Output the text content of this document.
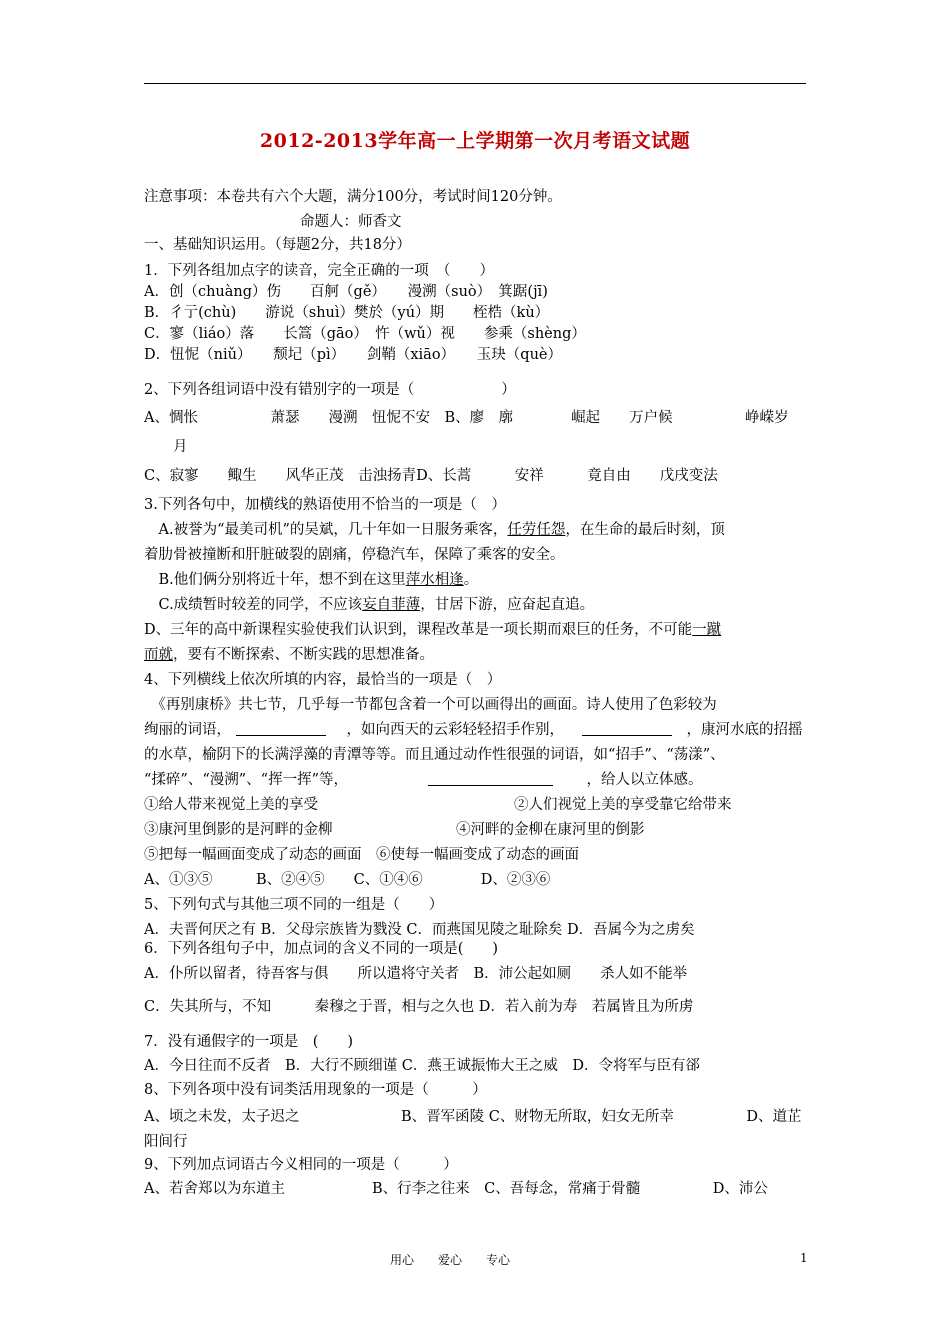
2012-2013学年高一上学期第一次月考语文试题
注意事项：本卷共有六个大题，满分100分，考试时间120分钟。
命题人：师香文
一、基础知识运用。（每题2分，共18分）
1．下列各组加点字的读音，完全正确的一项　（　　）
A．创（chuàng）伤　　百舸（gě）　　漫溯（suò）　箕踞(jī)
B．彳亍(chù)　　游说（shuì）樊於（yú）期　　桎梏（kù）
C．寥（liáo）落　　长篙（gāo）　忤（wǔ）视　　参乘（shèng）
D．忸怩（niǔ）　　颓圮（pì）　　剑鞘（xiāo）　　玉玦（què）
2、下列各组词语中没有错别字的一项是（　　　　　　）
A、惆怅　　　　　萧瑟　　漫溯　忸怩不安　B、廖　廓　　　　崛起　　万户候　　　　　峥嵘岁
　　月
C、寂寥　　鲰生　　风华正茂　击浊扬青D、长蒿　　　安祥　　　竟自由　　戊戌变法
3.下列各句中，加横线的熟语使用不恰当的一项是（　）
　A.被誉为“最美司机”的吴斌，几十年如一日服务乘客，任劳任怨，在生命的最后时刻，顶
着肋骨被撞断和肝脏破裂的剧痛，停稳汽车，保障了乘客的安全。
　B.他们俩分别将近十年，想不到在这里萍水相逢。
　C.成绩暂时较差的同学，不应该妄自菲薄，甘居下游，应奋起直追。
D、三年的高中新课程实验使我们认识到，课程改革是一项长期而艰巨的任务，不可能一蹴
而就，要有不断探索、不断实践的思想准备。
4、下列横线上依次所填的内容，最恰当的一项是（　）
　《再别康桥》共七节，几乎每一节都包含着一个可以画得出的画面。诗人使用了色彩较为
绚丽的词语，	　，如向西天的云彩轻轻招手作别，	　，康河水底的招摇
的水草，榆阴下的长满浮藻的青潭等等。而且通过动作性很强的词语，如“招手”、“荡漾”、
“揉碎”、“漫溯”、“挥一挥”等，	　，给人以立体感。
①给人带来视觉上美的享受	②人们视觉上美的享受靠它给带来
③康河里倒影的是河畔的金柳	④河畔的金柳在康河里的倒影
⑤把每一幅画面变成了动态的画面　⑥使每一幅画变成了动态的画面
A、①③⑤　　　B、②④⑤　　C、①④⑥　　　　D、②③⑥
5、下列句式与其他三项不同的一组是（　　）
A．夫晋何厌之有 B．父母宗族皆为戮没 C．而燕国见陵之耻除矣 D．吾属今为之虏矣
6．下列各组句子中，加点词的含义不同的一项是(　　)
A．仆所以留者，待吾客与俱　　所以遣将守关者　B．沛公起如厕　　杀人如不能举
C．失其所与，不知　　　秦穆之于晋，相与之久也 D．若入前为寿　若属皆且为所虏
7．没有通假字的一项是　(　　)
A．今日往而不反者　B．大行不顾细谨 C．燕王诚振怖大王之威　D．令将军与臣有郤
8、下列各项中没有词类活用现象的一项是（　　　）
A、顷之未发，太子迟之　　　　　　　B、晋军函陵 C、财物无所取，妇女无所幸　　　　　D、道芷
阳间行
9、下列加点词语古今义相同的一项是（　　　）
A、若舍郑以为东道主　　　　　　B、行李之往来　C、吾每念，常痛于骨髓　　　　　D、沛公
用心　　爱心　　专心	1
